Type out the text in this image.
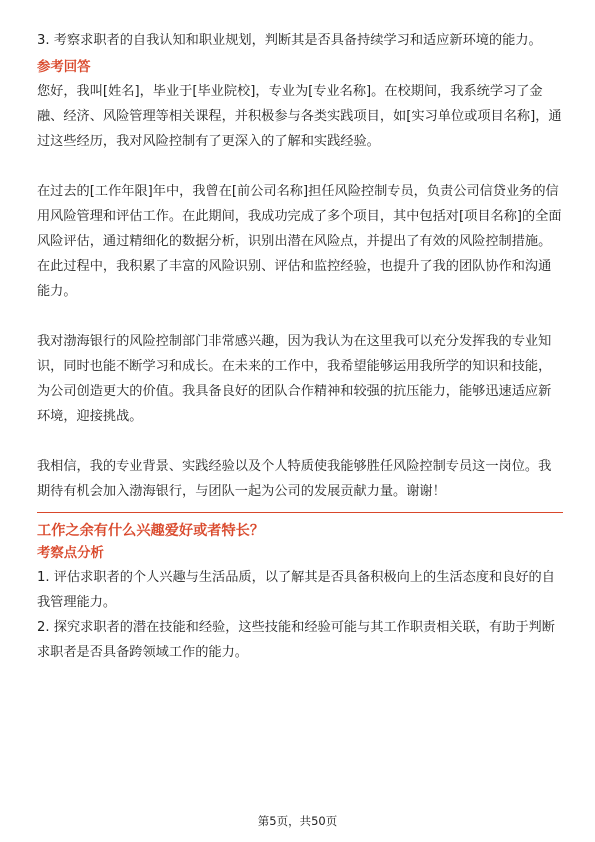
3. 考察求职者的自我认知和职业规划，判断其是否具备持续学习和适应新环境的能力。

参考回答

您好，我叫[姓名]，毕业于[毕业院校]，专业为[专业名称]。在校期间，我系统学习了金融、经济、风险管理等相关课程，并积极参与各类实践项目，如[实习单位或项目名称]，通过这些经历，我对风险控制有了更深入的了解和实践经验。

在过去的[工作年限]年中，我曾在[前公司名称]担任风险控制专员，负责公司信贷业务的信用风险管理和评估工作。在此期间，我成功完成了多个项目，其中包括对[项目名称]的全面风险评估，通过精细化的数据分析，识别出潜在风险点，并提出了有效的风险控制措施。在此过程中，我积累了丰富的风险识别、评估和监控经验，也提升了我的团队协作和沟通能力。

我对渤海银行的风险控制部门非常感兴趣，因为我认为在这里我可以充分发挥我的专业知识，同时也能不断学习和成长。在未来的工作中，我希望能够运用我所学的知识和技能，为公司创造更大的价值。我具备良好的团队合作精神和较强的抗压能力，能够迅速适应新环境，迎接挑战。

我相信，我的专业背景、实践经验以及个人特质使我能够胜任风险控制专员这一岗位。我期待有机会加入渤海银行，与团队一起为公司的发展贡献力量。谢谢！

工作之余有什么兴趣爱好或者特长？

考察点分析

1. 评估求职者的个人兴趣与生活品质，以了解其是否具备积极向上的生活态度和良好的自我管理能力。

2. 探究求职者的潜在技能和经验，这些技能和经验可能与其工作职责相关联，有助于判断求职者是否具备跨领域工作的能力。

第5页，共50页
